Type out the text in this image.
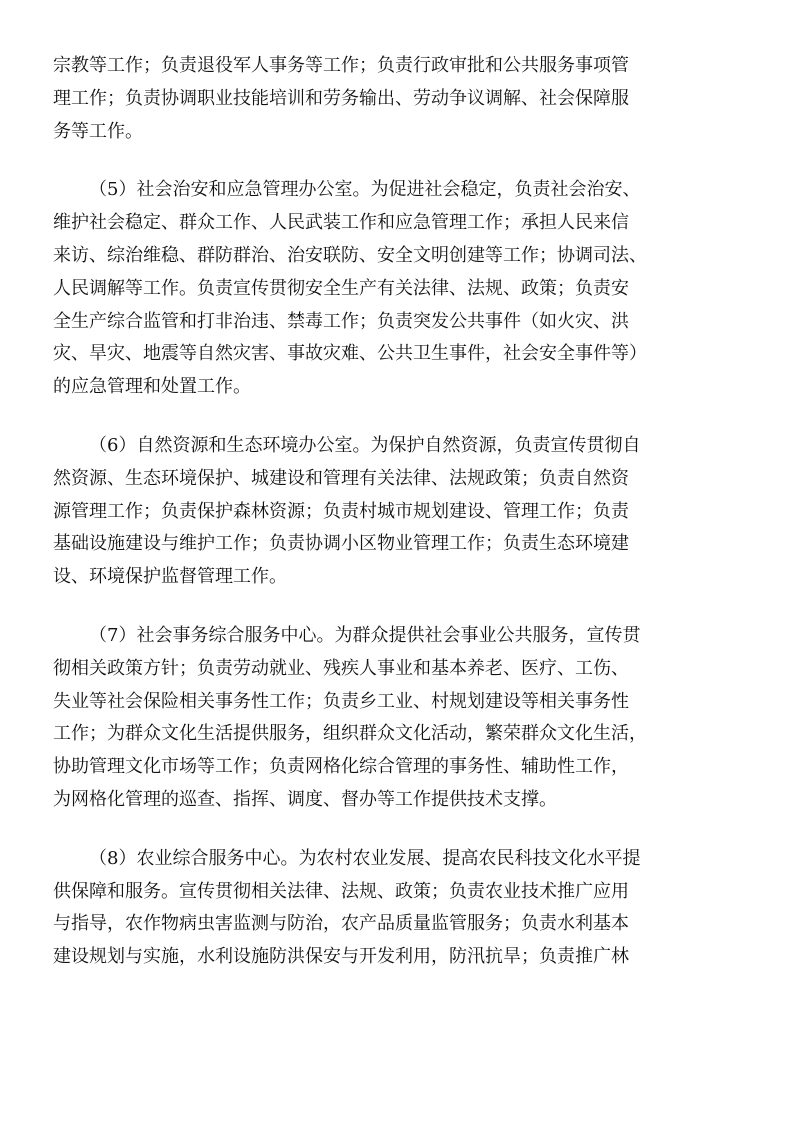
宗教等工作；负责退役军人事务等工作；负责行政审批和公共服务事项管
理工作；负责协调职业技能培训和劳务输出、劳动争议调解、社会保障服
务等工作。
（5）社会治安和应急管理办公室。为促进社会稳定，负责社会治安、
维护社会稳定、群众工作、人民武装工作和应急管理工作；承担人民来信
来访、综治维稳、群防群治、治安联防、安全文明创建等工作；协调司法、
人民调解等工作。负责宣传贯彻安全生产有关法律、法规、政策；负责安
全生产综合监管和打非治违、禁毒工作；负责突发公共事件（如火灾、洪
灾、旱灾、地震等自然灾害、事故灾难、公共卫生事件，社会安全事件等）
的应急管理和处置工作。
（6）自然资源和生态环境办公室。为保护自然资源，负责宣传贯彻自
然资源、生态环境保护、城建设和管理有关法律、法规政策；负责自然资
源管理工作；负责保护森林资源；负责村城市规划建设、管理工作；负责
基础设施建设与维护工作；负责协调小区物业管理工作；负责生态环境建
设、环境保护监督管理工作。
（7）社会事务综合服务中心。为群众提供社会事业公共服务，宣传贯
彻相关政策方针；负责劳动就业、残疾人事业和基本养老、医疗、工伤、
失业等社会保险相关事务性工作；负责乡工业、村规划建设等相关事务性
工作；为群众文化生活提供服务，组织群众文化活动，繁荣群众文化生活，
协助管理文化市场等工作；负责网格化综合管理的事务性、辅助性工作，
为网格化管理的巡查、指挥、调度、督办等工作提供技术支撑。
（8）农业综合服务中心。为农村农业发展、提高农民科技文化水平提
供保障和服务。宣传贯彻相关法律、法规、政策；负责农业技术推广应用
与指导，农作物病虫害监测与防治，农产品质量监管服务；负责水利基本
建设规划与实施，水利设施防洪保安与开发利用，防汛抗旱；负责推广林
